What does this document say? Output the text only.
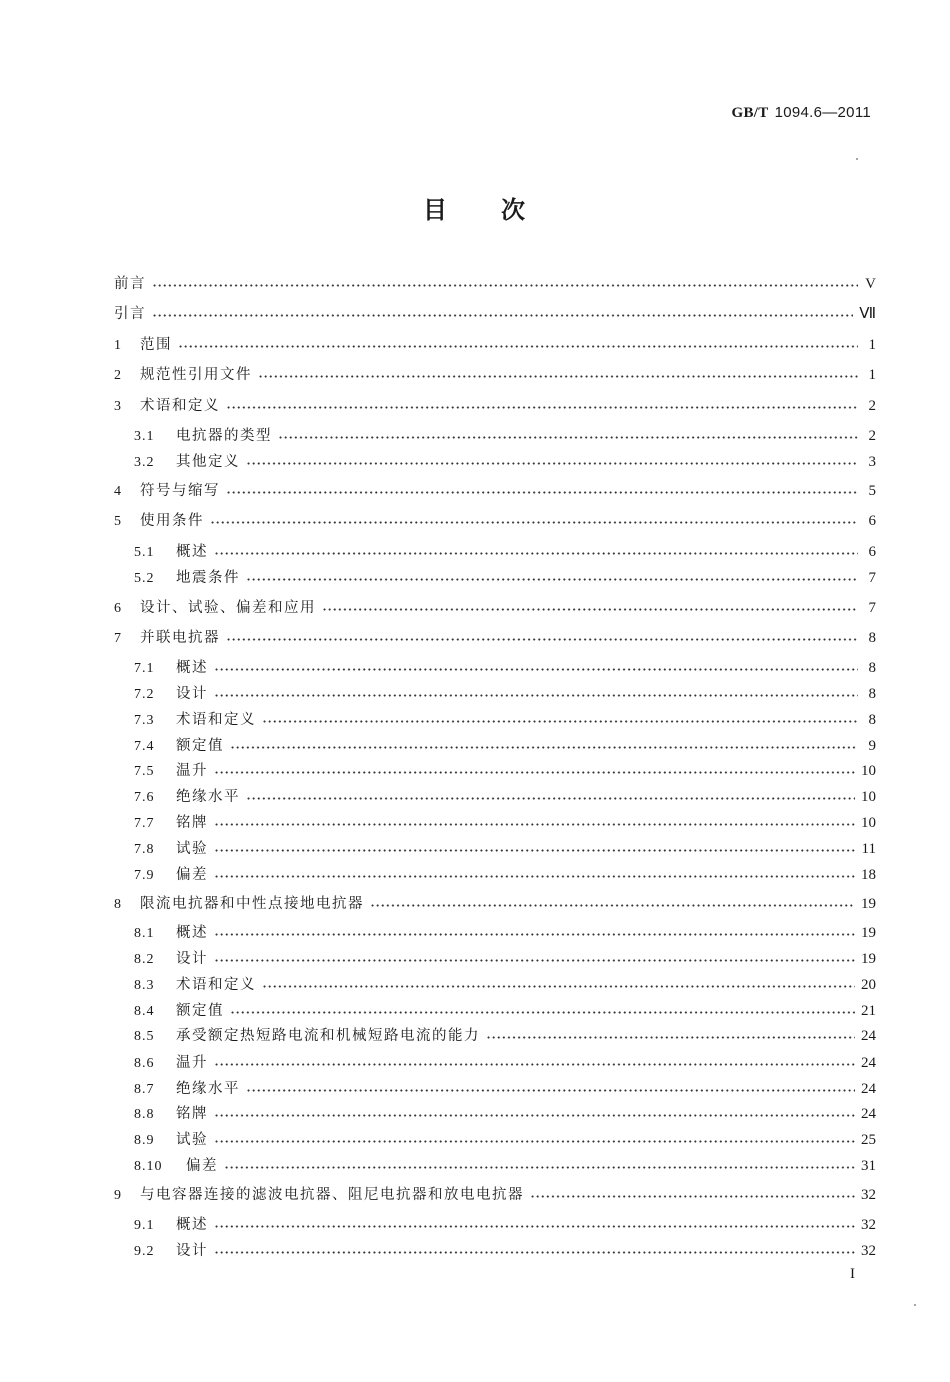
GB/T 1094.6—2011
目 次
前言	V
引言	Ⅶ
1	范围	1
2	规范性引用文件	1
3	术语和定义	2
3.1	电抗器的类型	2
3.2	其他定义	3
4	符号与缩写	5
5	使用条件	6
5.1	概述	6
5.2	地震条件	7
6	设计、试验、偏差和应用	7
7	并联电抗器	8
7.1	概述	8
7.2	设计	8
7.3	术语和定义	8
7.4	额定值	9
7.5	温升	10
7.6	绝缘水平	10
7.7	铭牌	10
7.8	试验	11
7.9	偏差	18
8	限流电抗器和中性点接地电抗器	19
8.1	概述	19
8.2	设计	19
8.3	术语和定义	20
8.4	额定值	21
8.5	承受额定热短路电流和机械短路电流的能力	24
8.6	温升	24
8.7	绝缘水平	24
8.8	铭牌	24
8.9	试验	25
8.10	偏差	31
9	与电容器连接的滤波电抗器、阻尼电抗器和放电电抗器	32
9.1	概述	32
9.2	设计	32
I
